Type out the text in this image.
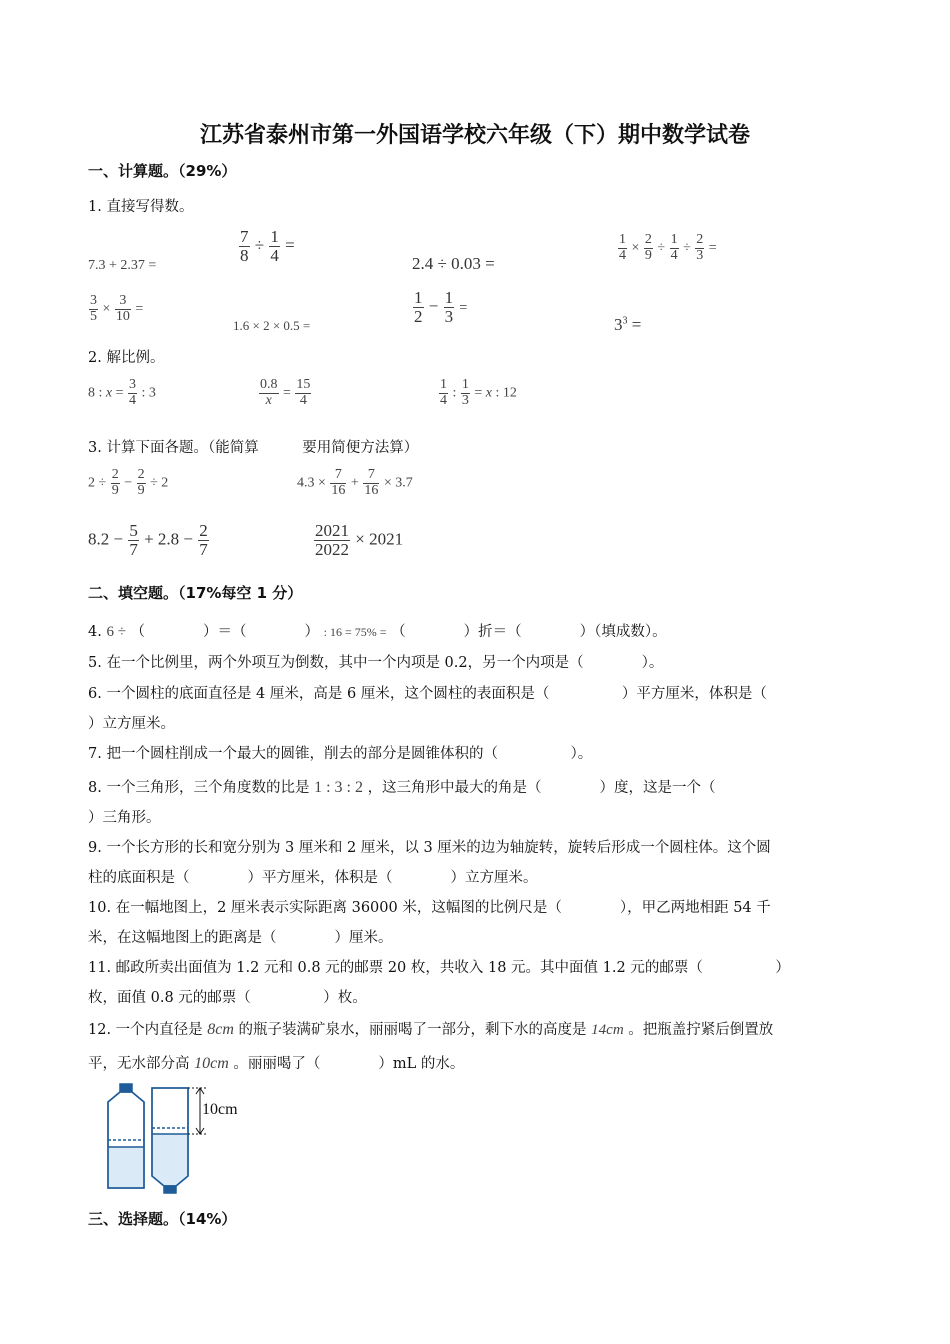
江苏省泰州市第一外国语学校六年级（下）期中数学试卷
一、计算题。（29%）
1. 直接写得数。
7.3 + 2.37 =
$\frac{7}{8} \div \frac{1}{4}$ =
2.4 ÷ 0.03 =
$\frac{1}{4} \times \frac{2}{9} \div \frac{1}{4} \div \frac{2}{3}$ =
$\frac{3}{5} \times \frac{3}{10}$ =
1.6 × 2 × 0.5 =	$\frac{1}{2} - \frac{1}{3}$ =
$3^3$ =
2. 解比例。
8 : $x = \frac{3}{4}$ : 3	$\frac{0.8}{x} = \frac{15}{4}$	$\frac{1}{4}$ : $\frac{1}{3} = x$ : 12
3. 计算下面各题。（能简算　　　要用简便方法算）
$2 \div \frac{2}{9} - \frac{2}{9} \div 2$	$4.3 \times \frac{7}{16} + \frac{7}{16} \times 3.7$
$8.2 - \frac{5}{7} + 2.8 - \frac{2}{7}$	$\frac{2021}{2022} \times 2021$
二、填空题。（17%每空 1 分）
4. 6 ÷ （　　　　）＝（　　　　） : 16 = 75% = （　　　　）折＝（　　　　）（填成数）。
5. 在一个比例里，两个外项互为倒数，其中一个内项是 0.2，另一个内项是（　　　　）。
6. 一个圆柱的底面直径是 4 厘米，高是 6 厘米，这个圆柱的表面积是（　　　　　）平方厘米，体积是（
）立方厘米。
7. 把一个圆柱削成一个最大的圆锥，削去的部分是圆锥体积的（　　　　　）。
8. 一个三角形，三个角度数的比是 1 : 3 : 2 ，这三角形中最大的角是（　　　　）度，这是一个（
）三角形。
9. 一个长方形的长和宽分别为 3 厘米和 2 厘米，以 3 厘米的边为轴旋转，旋转后形成一个圆柱体。这个圆
柱的底面积是（　　　　）平方厘米，体积是（　　　　）立方厘米。
10. 在一幅地图上，2 厘米表示实际距离 36000 米，这幅图的比例尺是（　　　　），甲乙两地相距 54 千
米，在这幅地图上的距离是（　　　　）厘米。
11. 邮政所卖出面值为 1.2 元和 0.8 元的邮票 20 枚，共收入 18 元。其中面值 1.2 元的邮票（　　　　　）
枚，面值 0.8 元的邮票（　　　　　）枚。
12. 一个内直径是 8cm 的瓶子装满矿泉水，丽丽喝了一部分，剩下水的高度是 14cm 。把瓶盖拧紧后倒置放
平，无水部分高 10cm 。丽丽喝了（　　　　）mL 的水。
10cm
三、选择题。（14%）
